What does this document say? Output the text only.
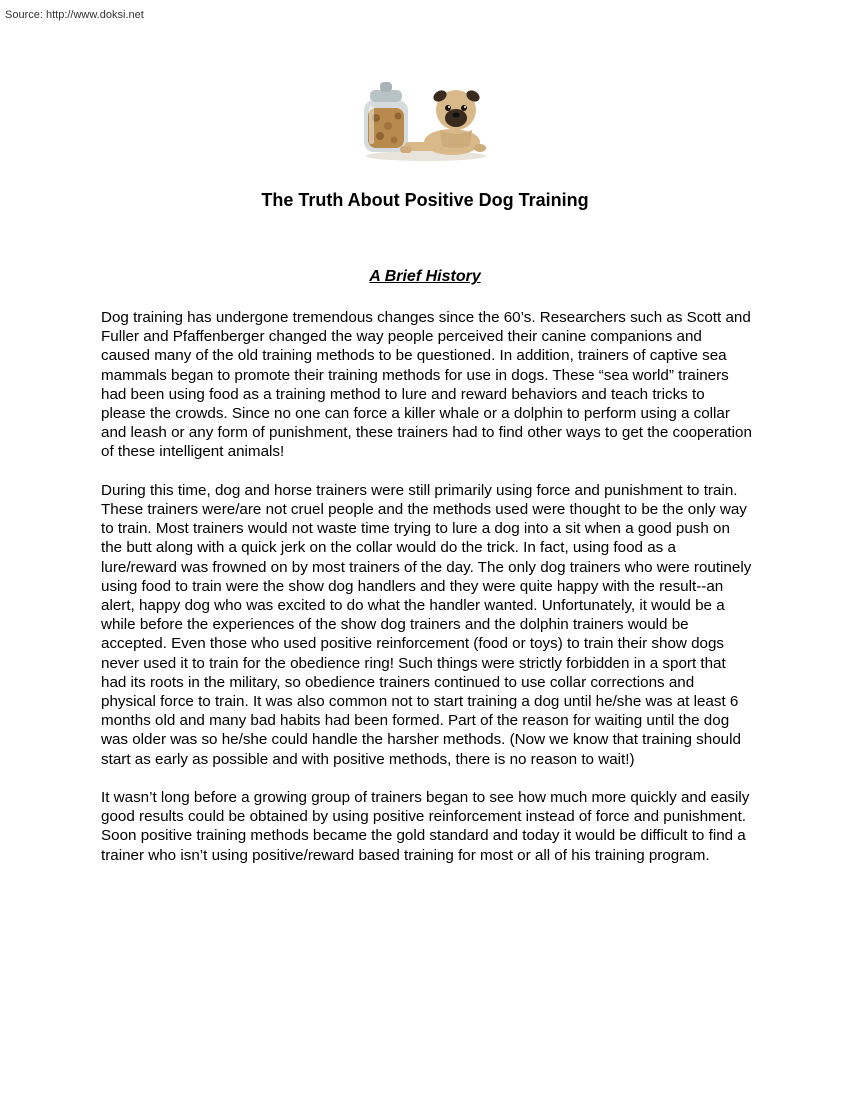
Source: http://www.doksi.net
The Truth About Positive Dog Training
A Brief History

Dog training has undergone tremendous changes since the 60’s. Researchers such as Scott and Fuller and Pfaffenberger changed the way people perceived their canine companions and caused many of the old training methods to be questioned. In addition, trainers of captive sea mammals began to promote their training methods for use in dogs. These “sea world” trainers had been using food as a training method to lure and reward behaviors and teach tricks to please the crowds. Since no one can force a killer whale or a dolphin to perform using a collar and leash or any form of punishment, these trainers had to find other ways to get the cooperation of these intelligent animals!

During this time, dog and horse trainers were still primarily using force and punishment to train. These trainers were/are not cruel people and the methods used were thought to be the only way to train. Most trainers would not waste time trying to lure a dog into a sit when a good push on the butt along with a quick jerk on the collar would do the trick. In fact, using food as a lure/reward was frowned on by most trainers of the day. The only dog trainers who were routinely using food to train were the show dog handlers and they were quite happy with the result--an alert, happy dog who was excited to do what the handler wanted. Unfortunately, it would be a while before the experiences of the show dog trainers and the dolphin trainers would be accepted. Even those who used positive reinforcement (food or toys) to train their show dogs never used it to train for the obedience ring! Such things were strictly forbidden in a sport that had its roots in the military, so obedience trainers continued to use collar corrections and physical force to train. It was also common not to start training a dog until he/she was at least 6 months old and many bad habits had been formed. Part of the reason for waiting until the dog was older was so he/she could handle the harsher methods. (Now we know that training should start as early as possible and with positive methods, there is no reason to wait!)

It wasn’t long before a growing group of trainers began to see how much more quickly and easily good results could be obtained by using positive reinforcement instead of force and punishment. Soon positive training methods became the gold standard and today it would be difficult to find a trainer who isn’t using positive/reward based training for most or all of his training program.
